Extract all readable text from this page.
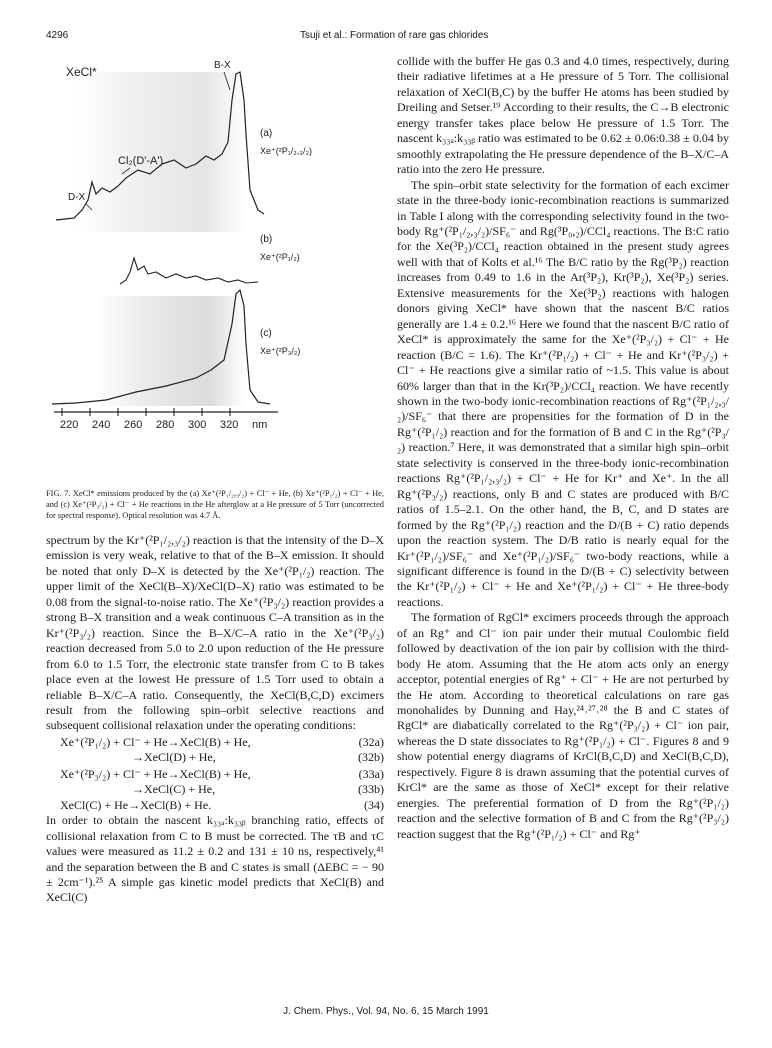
4296	Tsuji et al.: Formation of rare gas chlorides
220 240 260 280 300 320 nm
XeCl*	B-X
Cl₂(D'-A')
D-X
(a)
Xe⁺(²P₁/₂,₃/₂)
(b)
Xe⁺(²P₁/₂)
(c)
Xe⁺(²P₃/₂)
FIG. 7. XeCl* emissions produced by the (a) Xe⁺(²P₁/₂,₃/₂) + Cl⁻ + He, (b) Xe⁺(²P₁/₂) + Cl⁻ + He, and (c) Xe⁺(²P₃/₂) + Cl⁻ + He reactions in the He afterglow at a He pressure of 5 Torr (uncorrected for spectral response). Optical resolution was 4.7 Å.

spectrum by the Kr⁺(²P₁/₂,₃/₂) reaction is that the intensity of the D–X emission is very weak, relative to that of the B–X emission. It should be noted that only D–X is detected by the Xe⁺(²P₁/₂) reaction. The upper limit of the XeCl(B–X)/XeCl(D–X) ratio was estimated to be 0.08 from the signal-to-noise ratio. The Xe⁺(²P₃/₂) reaction provides a strong B–X transition and a weak continuous C–A transition as in the Kr⁺(²P₃/₂) reaction. Since the B–X/C–A ratio in the Xe⁺(²P₃/₂) reaction decreased from 5.0 to 2.0 upon reduction of the He pressure from 6.0 to 1.5 Torr, the electronic state transfer from C to B takes place even at the lowest He pressure of 1.5 Torr used to obtain a reliable B–X/C–A ratio. Consequently, the XeCl(B,C,D) excimers result from the following spin–orbit selective reactions and subsequent collisional relaxation under the operating conditions:

Xe⁺(²P₁/₂) + Cl⁻ + He→XeCl(B) + He,	(32a)
→XeCl(D) + He,	(32b)
Xe⁺(²P₃/₂) + Cl⁻ + He→XeCl(B) + He,	(33a)
→XeCl(C) + He,	(33b)
XeCl(C) + He→XeCl(B) + He.	(34)

In order to obtain the nascent k₃₃ₐ:k₃₃ᵦ branching ratio, effects of collisional relaxation from C to B must be corrected. The τB and τC values were measured as 11.2 ± 0.2 and 131 ± 10 ns, respectively,⁴¹ and the separation between the B and C states is small (ΔEBC = − 90 ± 2cm⁻¹).²⁵ A simple gas kinetic model predicts that XeCl(B) and XeCl(C)

collide with the buffer He gas 0.3 and 4.0 times, respectively, during their radiative lifetimes at a He pressure of 5 Torr. The collisional relaxation of XeCl(B,C) by the buffer He atoms has been studied by Dreiling and Setser.¹⁹ According to their results, the C→B electronic energy transfer takes place below He pressure of 1.5 Torr. The nascent k₃₃ₐ:k₃₃ᵦ ratio was estimated to be 0.62 ± 0.06:0.38 ± 0.04 by smoothly extrapolating the He pressure dependence of the B–X/C–A ratio into the zero He pressure.

The spin–orbit state selectivity for the formation of each excimer state in the three-body ionic-recombination reactions is summarized in Table I along with the corresponding selectivity found in the two-body Rg⁺(²P₁/₂,₃/₂)/SF₆⁻ and Rg(³P₀,₂)/CCl₄ reactions. The B:C ratio for the Xe(³P₂)/CCl₄ reaction obtained in the present study agrees well with that of Kolts et al.¹⁶ The B/C ratio by the Rg(³P₂) reaction increases from 0.49 to 1.6 in the Ar(³P₂), Kr(³P₂), Xe(³P₂) series. Extensive measurements for the Xe(³P₂) reactions with halogen donors giving XeCl* have shown that the nascent B/C ratios generally are 1.4 ± 0.2.¹⁶ Here we found that the nascent B/C ratio of XeCl* is approximately the same for the Xe⁺(²P₃/₂) + Cl⁻ + He reaction (B/C = 1.6). The Kr⁺(²P₁/₂) + Cl⁻ + He and Kr⁺(²P₃/₂) + Cl⁻ + He reactions give a similar ratio of ~1.5. This value is about 60% larger than that in the Kr(³P₂)/CCl₄ reaction. We have recently shown in the two-body ionic-recombination reactions of Rg⁺(²P₁/₂,₃/₂)/SF₆⁻ that there are propensities for the formation of D in the Rg⁺(²P₁/₂) reaction and for the formation of B and C in the Rg⁺(²P₃/₂) reaction.⁷ Here, it was demonstrated that a similar high spin–orbit state selectivity is conserved in the three-body ionic-recombination reactions Rg⁺(²P₁/₂,₃/₂) + Cl⁻ + He for Kr⁺ and Xe⁺. In the all Rg⁺(²P₃/₂) reactions, only B and C states are produced with B/C ratios of 1.5–2.1. On the other hand, the B, C, and D states are formed by the Rg⁺(²P₁/₂) reaction and the D/(B + C) ratio depends upon the reaction system. The D/B ratio is nearly equal for the Kr⁺(²P₁/₂)/SF₆⁻ and Xe⁺(²P₁/₂)/SF₆⁻ two-body reactions, while a significant difference is found in the D/(B + C) selectivity between the Kr⁺(²P₁/₂) + Cl⁻ + He and Xe⁺(²P₁/₂) + Cl⁻ + He three-body reactions.

The formation of RgCl* excimers proceeds through the approach of an Rg⁺ and Cl⁻ ion pair under their mutual Coulombic field followed by deactivation of the ion pair by collision with the third-body He atom. Assuming that the He atom acts only an energy acceptor, potential energies of Rg⁺ + Cl⁻ + He are not perturbed by the He atom. According to theoretical calculations on rare gas monohalides by Dunning and Hay,²⁴˒²⁷˒²⁸ the B and C states of RgCl* are diabatically correlated to the Rg⁺(²P₃/₂) + Cl⁻ ion pair, whereas the D state dissociates to Rg⁺(²P₁/₂) + Cl⁻. Figures 8 and 9 show potential energy diagrams of KrCl(B,C,D) and XeCl(B,C,D), respectively. Figure 8 is drawn assuming that the potential curves of KrCl* are the same as those of XeCl* except for their relative energies. The preferential formation of D from the Rg⁺(²P₁/₂) reaction and the selective formation of B and C from the Rg⁺(²P₃/₂) reaction suggest that the Rg⁺(²P₁/₂) + Cl⁻ and Rg⁺

J. Chem. Phys., Vol. 94, No. 6, 15 March 1991
